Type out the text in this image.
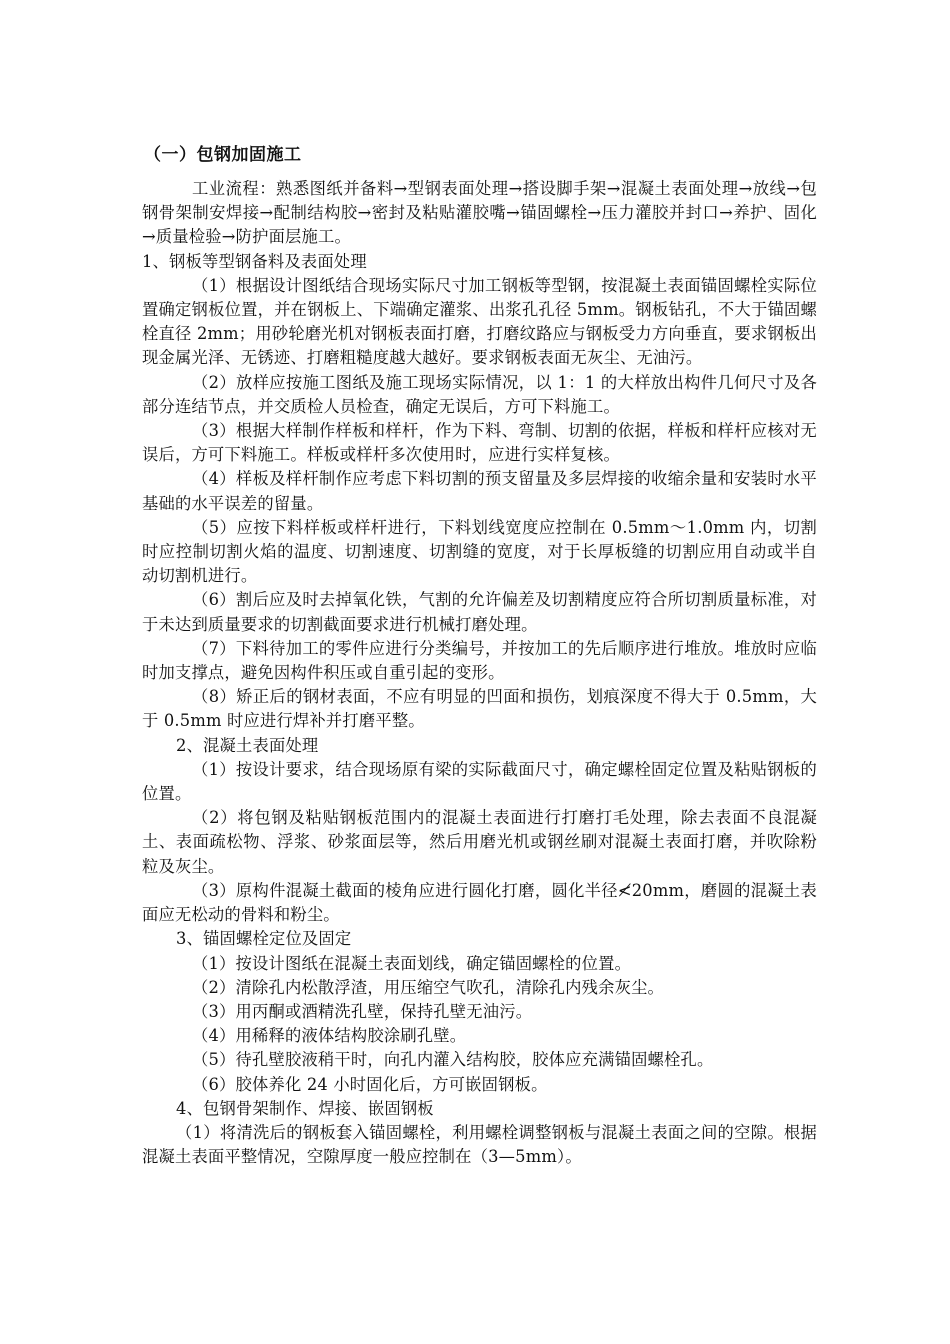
（一）包钢加固施工

工业流程：熟悉图纸并备料→型钢表面处理→搭设脚手架→混凝土表面处理→放线→包钢骨架制安焊接→配制结构胶→密封及粘贴灌胶嘴→锚固螺栓→压力灌胶并封口→养护、固化→质量检验→防护面层施工。

1、钢板等型钢备料及表面处理

（1）根据设计图纸结合现场实际尺寸加工钢板等型钢，按混凝土表面锚固螺栓实际位置确定钢板位置，并在钢板上、下端确定灌浆、出浆孔孔径 5mm。钢板钻孔，不大于锚固螺栓直径 2mm；用砂轮磨光机对钢板表面打磨，打磨纹路应与钢板受力方向垂直，要求钢板出现金属光泽、无锈迹、打磨粗糙度越大越好。要求钢板表面无灰尘、无油污。

（2）放样应按施工图纸及施工现场实际情况，以 1：1 的大样放出构件几何尺寸及各部分连结节点，并交质检人员检查，确定无误后，方可下料施工。

（3）根据大样制作样板和样杆，作为下料、弯制、切割的依据，样板和样杆应核对无误后，方可下料施工。样板或样杆多次使用时，应进行实样复核。

（4）样板及样杆制作应考虑下料切割的预支留量及多层焊接的收缩余量和安装时水平基础的水平误差的留量。

（5）应按下料样板或样杆进行，下料划线宽度应控制在 0.5mm～1.0mm 内，切割时应控制切割火焰的温度、切割速度、切割缝的宽度，对于长厚板缝的切割应用自动或半自动切割机进行。

（6）割后应及时去掉氧化铁，气割的允许偏差及切割精度应符合所切割质量标准，对于未达到质量要求的切割截面要求进行机械打磨处理。

（7）下料待加工的零件应进行分类编号，并按加工的先后顺序进行堆放。堆放时应临时加支撑点，避免因构件积压或自重引起的变形。

（8）矫正后的钢材表面，不应有明显的凹面和损伤，划痕深度不得大于 0.5mm，大于 0.5mm 时应进行焊补并打磨平整。

2、混凝土表面处理

（1）按设计要求，结合现场原有梁的实际截面尺寸，确定螺栓固定位置及粘贴钢板的位置。

（2）将包钢及粘贴钢板范围内的混凝土表面进行打磨打毛处理，除去表面不良混凝土、表面疏松物、浮浆、砂浆面层等，然后用磨光机或钢丝刷对混凝土表面打磨，并吹除粉粒及灰尘。

（3）原构件混凝土截面的棱角应进行圆化打磨，圆化半径≮20mm，磨圆的混凝土表面应无松动的骨料和粉尘。

3、锚固螺栓定位及固定

（1）按设计图纸在混凝土表面划线，确定锚固螺栓的位置。

（2）清除孔内松散浮渣，用压缩空气吹孔，清除孔内残余灰尘。

（3）用丙酮或酒精洗孔壁，保持孔壁无油污。

（4）用稀释的液体结构胶涂刷孔壁。

（5）待孔壁胶液稍干时，向孔内灌入结构胶，胶体应充满锚固螺栓孔。

（6）胶体养化 24 小时固化后，方可嵌固钢板。

4、包钢骨架制作、焊接、嵌固钢板

（1）将清洗后的钢板套入锚固螺栓，利用螺栓调整钢板与混凝土表面之间的空隙。根据混凝土表面平整情况，空隙厚度一般应控制在（3—5mm）。
